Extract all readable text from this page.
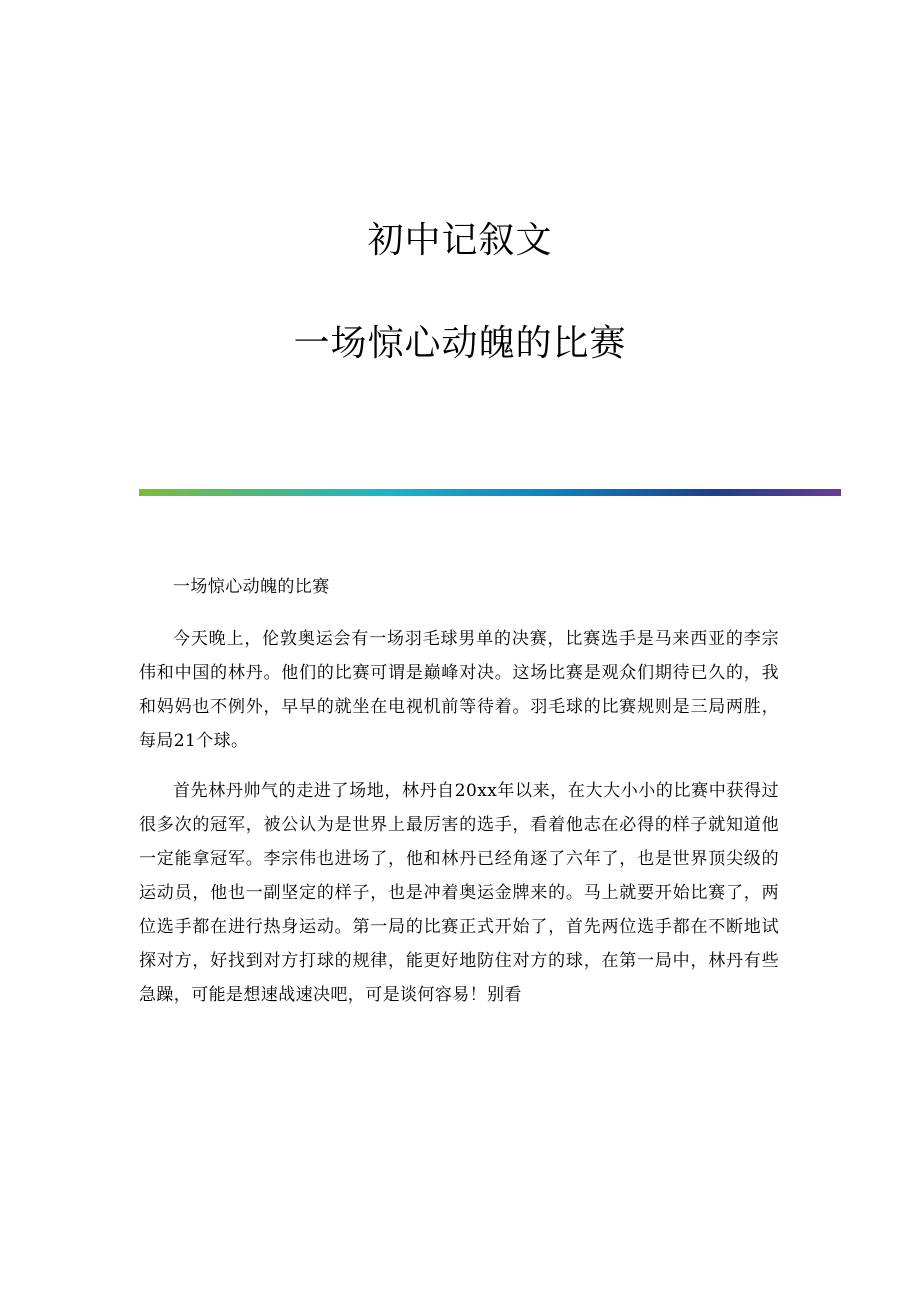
初中记叙文
一场惊心动魄的比赛

一场惊心动魄的比赛

今天晚上，伦敦奥运会有一场羽毛球男单的决赛，比赛选手是马来西亚的李宗伟和中国的林丹。他们的比赛可谓是巅峰对决。这场比赛是观众们期待已久的，我和妈妈也不例外，早早的就坐在电视机前等待着。羽毛球的比赛规则是三局两胜，每局21个球。

首先林丹帅气的走进了场地，林丹自20xx年以来，在大大小小的比赛中获得过很多次的冠军，被公认为是世界上最厉害的选手，看着他志在必得的样子就知道他一定能拿冠军。李宗伟也进场了，他和林丹已经角逐了六年了，也是世界顶尖级的运动员，他也一副坚定的样子，也是冲着奥运金牌来的。马上就要开始比赛了，两位选手都在进行热身运动。第一局的比赛正式开始了，首先两位选手都在不断地试探对方，好找到对方打球的规律，能更好地防住对方的球，在第一局中，林丹有些急躁，可能是想速战速决吧，可是谈何容易！别看
